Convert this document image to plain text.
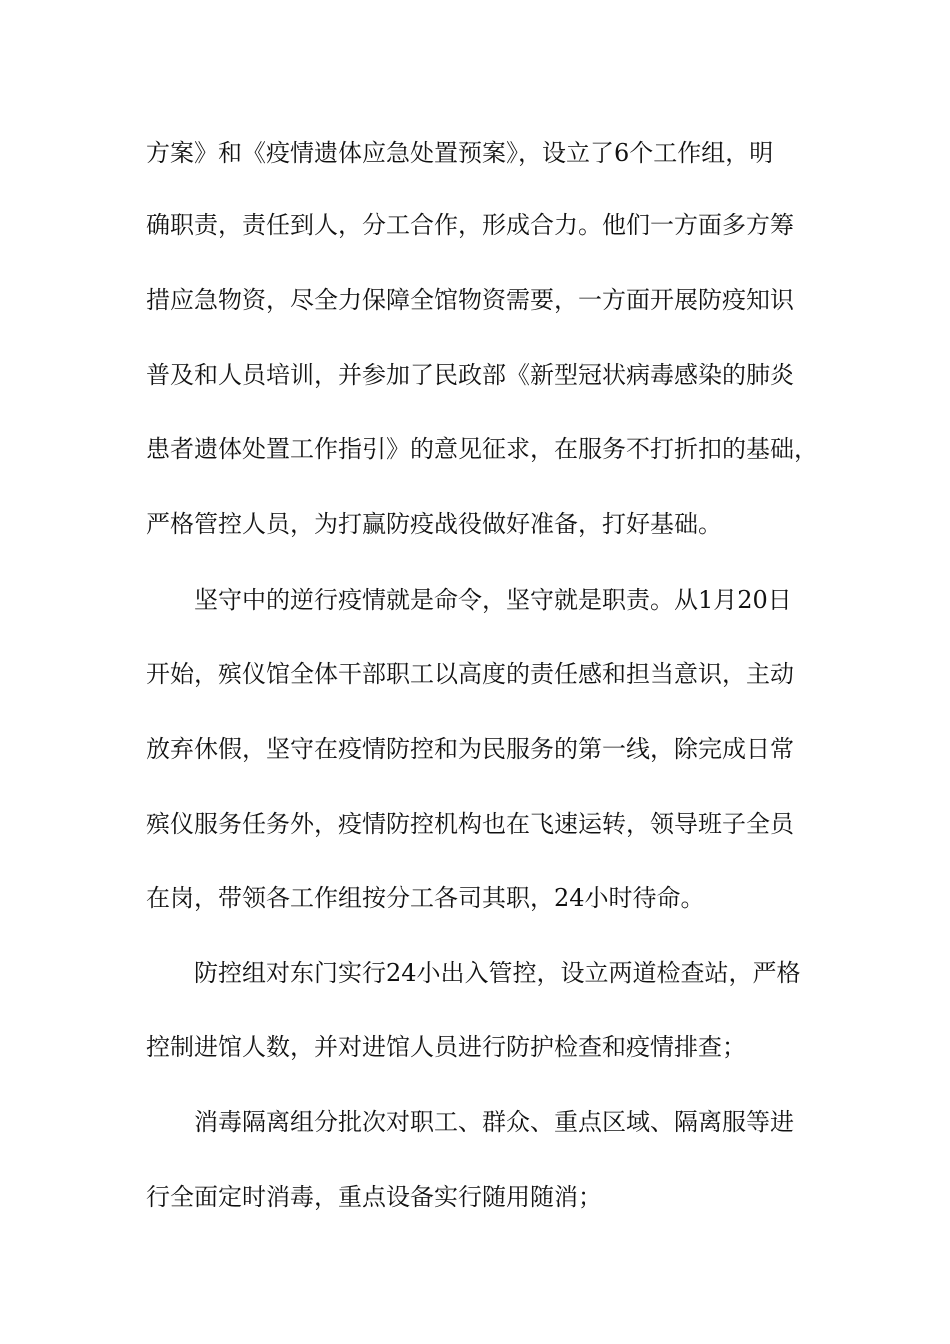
方案》和《疫情遗体应急处置预案》，设立了6个工作组，明
确职责，责任到人，分工合作，形成合力。他们一方面多方筹
措应急物资，尽全力保障全馆物资需要，一方面开展防疫知识
普及和人员培训，并参加了民政部《新型冠状病毒感染的肺炎
患者遗体处置工作指引》的意见征求，在服务不打折扣的基础，
严格管控人员，为打赢防疫战役做好准备，打好基础。
坚守中的逆行疫情就是命令，坚守就是职责。从1月20日
开始，殡仪馆全体干部职工以高度的责任感和担当意识，主动
放弃休假，坚守在疫情防控和为民服务的第一线，除完成日常
殡仪服务任务外，疫情防控机构也在飞速运转，领导班子全员
在岗，带领各工作组按分工各司其职，24小时待命。
防控组对东门实行24小出入管控，设立两道检查站，严格
控制进馆人数，并对进馆人员进行防护检查和疫情排查；
消毒隔离组分批次对职工、群众、重点区域、隔离服等进
行全面定时消毒，重点设备实行随用随消；
